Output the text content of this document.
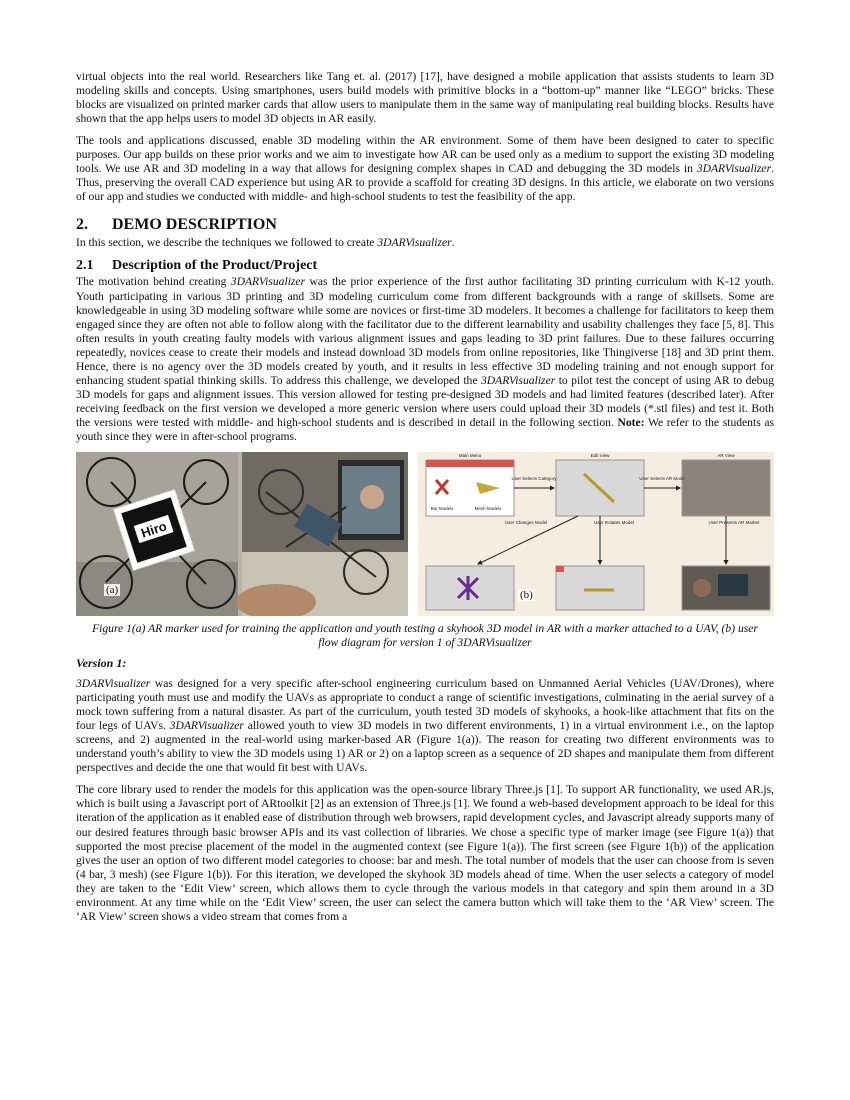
virtual objects into the real world. Researchers like Tang et. al. (2017) [17], have designed a mobile application that assists students to learn 3D modeling skills and concepts. Using smartphones, users build models with primitive blocks in a “bottom-up” manner like “LEGO” bricks. These blocks are visualized on printed marker cards that allow users to manipulate them in the same way of manipulating real building blocks. Results have shown that the app helps users to model 3D objects in AR easily.

The tools and applications discussed, enable 3D modeling within the AR environment. Some of them have been designed to cater to specific purposes. Our app builds on these prior works and we aim to investigate how AR can be used only as a medium to support the existing 3D modeling tools. We use AR and 3D modeling in a way that allows for designing complex shapes in CAD and debugging the 3D models in 3DARVisualizer. Thus, preserving the overall CAD experience but using AR to provide a scaffold for creating 3D designs. In this article, we elaborate on two versions of our app and studies we conducted with middle- and high-school students to test the feasibility of the app.

2. DEMO DESCRIPTION

In this section, we describe the techniques we followed to create 3DARVisualizer.

2.1 Description of the Product/Project

The motivation behind creating 3DARVisualizer was the prior experience of the first author facilitating 3D printing curriculum with K-12 youth. Youth participating in various 3D printing and 3D modeling curriculum come from different backgrounds with a range of skillsets. Some are knowledgeable in using 3D modeling software while some are novices or first-time 3D modelers. It becomes a challenge for facilitators to keep them engaged since they are often not able to follow along with the facilitator due to the different learnability and usability challenges they face [5, 8]. This often results in youth creating faulty models with various alignment issues and gaps leading to 3D print failures. Due to these failures occurring repeatedly, novices cease to create their models and instead download 3D models from online repositories, like Thingiverse [18] and 3D print them. Hence, there is no agency over the 3D models created by youth, and it results in less effective 3D modeling training and not enough support for enhancing student spatial thinking skills. To address this challenge, we developed the 3DARVisualizer to pilot test the concept of using AR to debug 3D models for gaps and alignment issues. This version allowed for testing pre-designed 3D models and had limited features (described later). After receiving feedback on the first version we developed a more generic version where users could upload their 3D models (*.stl files) and test it. Both the versions were tested with middle- and high-school students and is described in detail in the following section. Note: We refer to the students as youth since they were in after-school programs.

Hiro
(a)
Main Menu
Bar Models	Mesh Models
Edit View	AR View
User Selects Category	User Selects AR Mode
User Changes Model	User Rotates Model	User Presents AR Marker
(b)
Figure 1(a) AR marker used for training the application and youth testing a skyhook 3D model in AR with a marker attached to a UAV, (b) user flow diagram for version 1 of 3DARVisualizer
Version 1:

3DARVisualizer was designed for a very specific after-school engineering curriculum based on Unmanned Aerial Vehicles (UAV/Drones), where participating youth must use and modify the UAVs as appropriate to conduct a range of scientific investigations, culminating in the aerial survey of a mock town suffering from a natural disaster. As part of the curriculum, youth tested 3D models of skyhooks, a hook-like attachment that fits on the four legs of UAVs. 3DARVisualizer allowed youth to view 3D models in two different environments, 1) in a virtual environment i.e., on the laptop screens, and 2) augmented in the real-world using marker-based AR (Figure 1(a)). The reason for creating two different environments was to understand youth’s ability to view the 3D models using 1) AR or 2) on a laptop screen as a sequence of 2D shapes and manipulate them from different perspectives and decide the one that would fit best with UAVs.

The core library used to render the models for this application was the open-source library Three.js [1]. To support AR functionality, we used AR.js, which is built using a Javascript port of ARtoolkit [2] as an extension of Three.js [1]. We found a web-based development approach to be ideal for this iteration of the application as it enabled ease of distribution through web browsers, rapid development cycles, and Javascript already supports many of our desired features through basic browser APIs and its vast collection of libraries. We chose a specific type of marker image (see Figure 1(a)) that supported the most precise placement of the model in the augmented context (see Figure 1(a)). The first screen (see Figure 1(b)) of the application gives the user an option of two different model categories to choose: bar and mesh. The total number of models that the user can choose from is seven (4 bar, 3 mesh) (see Figure 1(b)). For this iteration, we developed the skyhook 3D models ahead of time. When the user selects a category of model they are taken to the ‘Edit View’ screen, which allows them to cycle through the various models in that category and spin them around in a 3D environment. At any time while on the ‘Edit View’ screen, the user can select the camera button which will take them to the ‘AR View’ screen. The ‘AR View’ screen shows a video stream that comes from a
